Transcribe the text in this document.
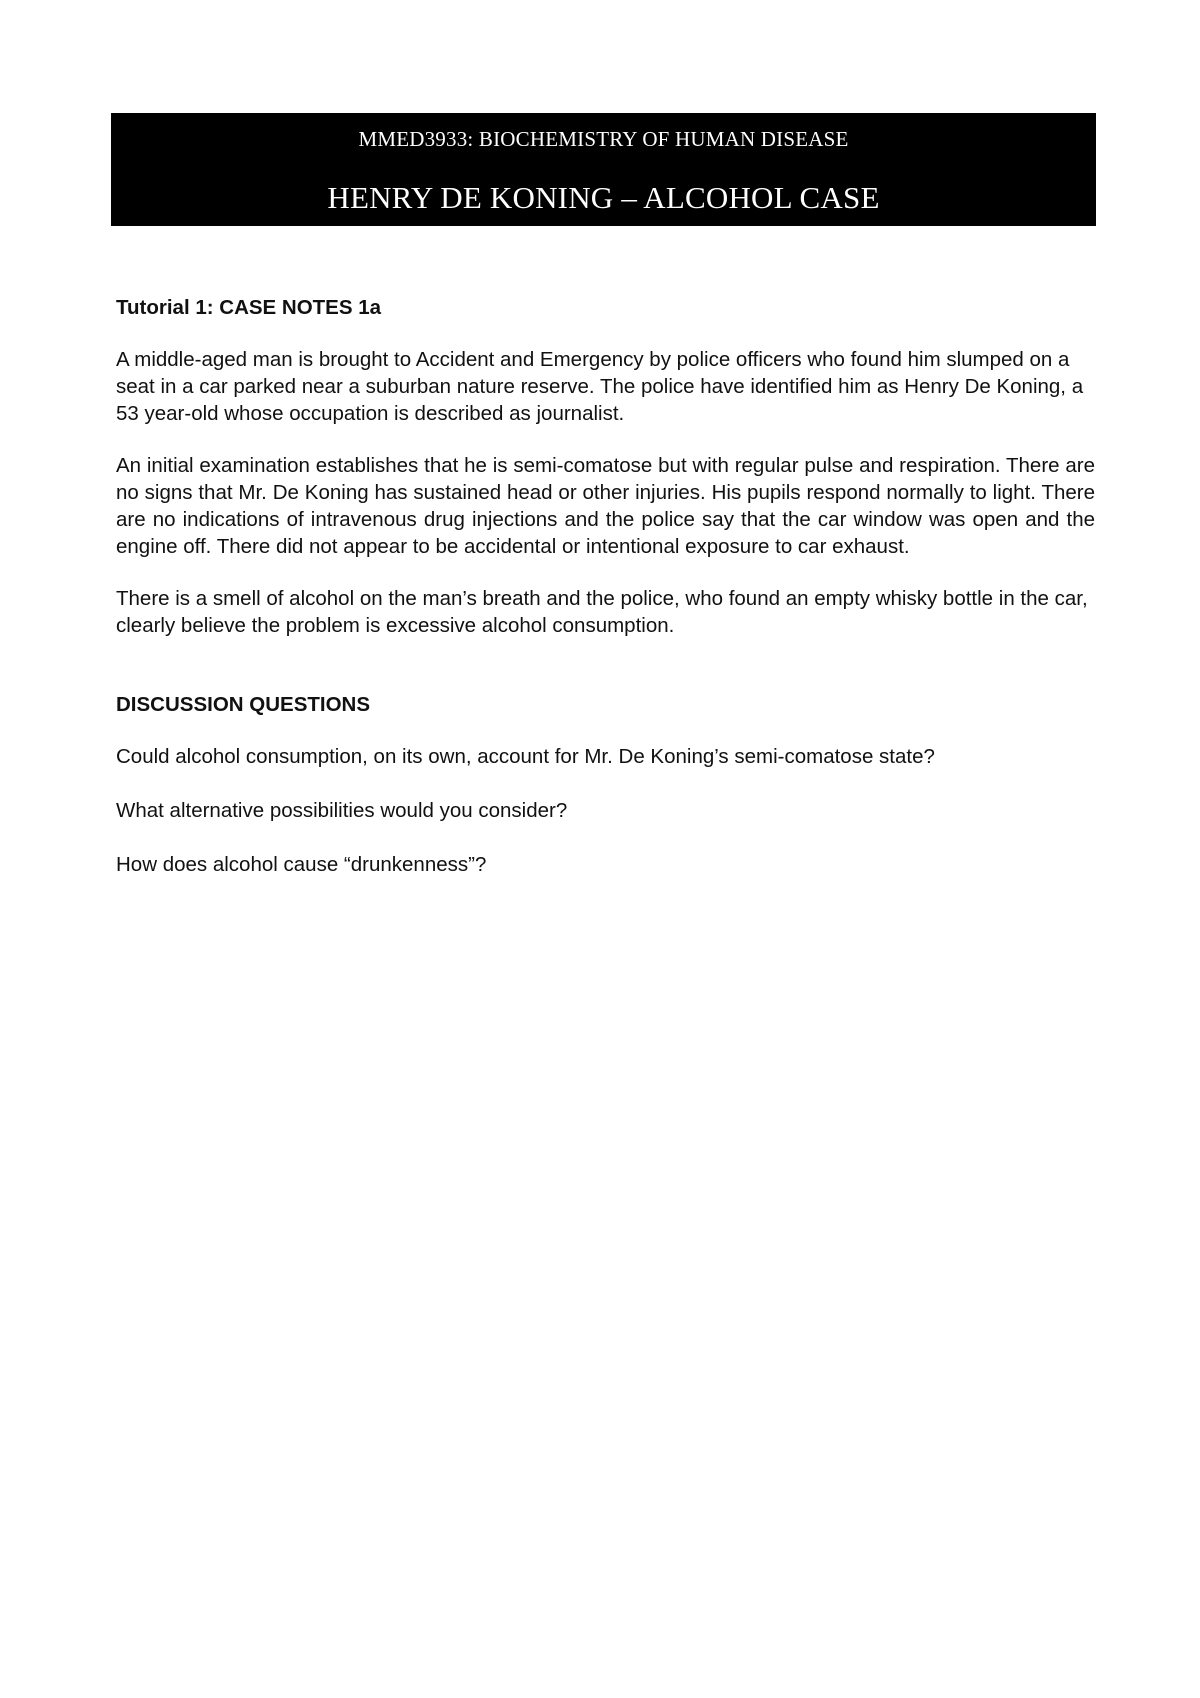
MMED3933: BIOCHEMISTRY OF HUMAN DISEASE
HENRY DE KONING – ALCOHOL CASE
Tutorial 1: CASE NOTES 1a

A middle-aged man is brought to Accident and Emergency by police officers who found him slumped on a seat in a car parked near a suburban nature reserve. The police have identified him as Henry De Koning, a 53 year-old whose occupation is described as journalist.

An initial examination establishes that he is semi-comatose but with regular pulse and respiration. There are no signs that Mr. De Koning has sustained head or other injuries. His pupils respond normally to light. There are no indications of intravenous drug injections and the police say that the car window was open and the engine off. There did not appear to be accidental or intentional exposure to car exhaust.

There is a smell of alcohol on the man’s breath and the police, who found an empty whisky bottle in the car, clearly believe the problem is excessive alcohol consumption.

DISCUSSION QUESTIONS

Could alcohol consumption, on its own, account for Mr. De Koning’s semi-comatose state?

What alternative possibilities would you consider?

How does alcohol cause “drunkenness”?
